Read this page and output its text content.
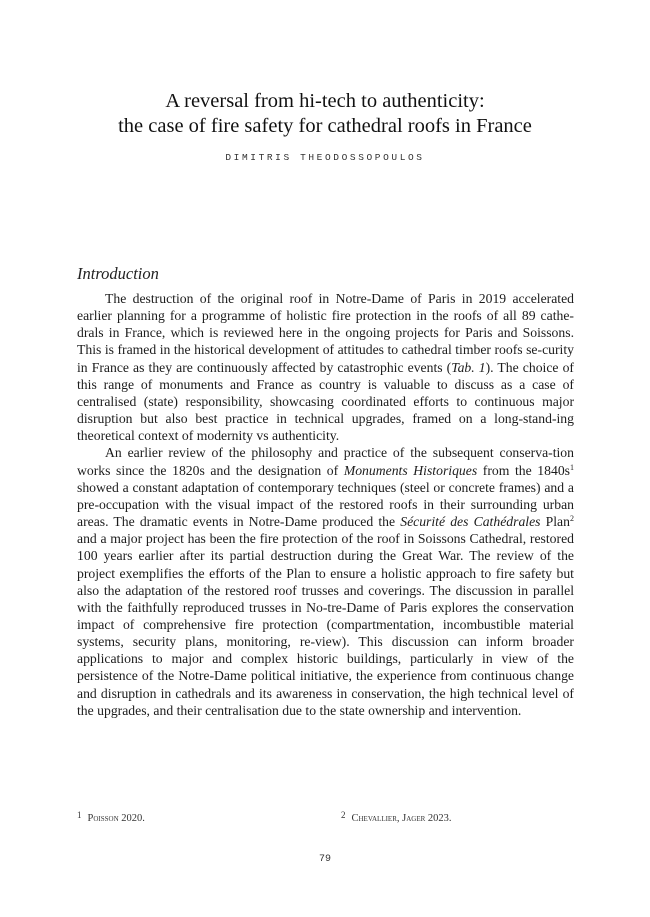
A reversal from hi-tech to authenticity:
the case of fire safety for cathedral roofs in France
DIMITRIS THEODOSSOPOULOS
Introduction

The destruction of the original roof in Notre-Dame of Paris in 2019 accelerated earlier planning for a programme of holistic fire protection in the roofs of all 89 cathe-drals in France, which is reviewed here in the ongoing projects for Paris and Soissons. This is framed in the historical development of attitudes to cathedral timber roofs se-curity in France as they are continuously affected by catastrophic events (Tab. 1). The choice of this range of monuments and France as country is valuable to discuss as a case of centralised (state) responsibility, showcasing coordinated efforts to continuous major disruption but also best practice in technical upgrades, framed on a long-stand-ing theoretical context of modernity vs authenticity.

An earlier review of the philosophy and practice of the subsequent conserva-tion works since the 1820s and the designation of Monuments Historiques from the $1840s^1$ showed a constant adaptation of contemporary techniques (steel or concrete frames) and a pre-occupation with the visual impact of the restored roofs in their surrounding urban areas. The dramatic events in Notre-Dame produced the Sécurité des Cathédrales Plan$^2$ and a major project has been the fire protection of the roof in Soissons Cathedral, restored 100 years earlier after its partial destruction during the Great War. The review of the project exemplifies the efforts of the Plan to ensure a holistic approach to fire safety but also the adaptation of the restored roof trusses and coverings. The discussion in parallel with the faithfully reproduced trusses in No-tre-Dame of Paris explores the conservation impact of comprehensive fire protection (compartmentation, incombustible material systems, security plans, monitoring, re-view). This discussion can inform broader applications to major and complex historic buildings, particularly in view of the persistence of the Notre-Dame political initiative, the experience from continuous change and disruption in cathedrals and its awareness in conservation, the high technical level of the upgrades, and their centralisation due to the state ownership and intervention.

1 Poisson 2020.	2 Chevallier, Jager 2023.
79
